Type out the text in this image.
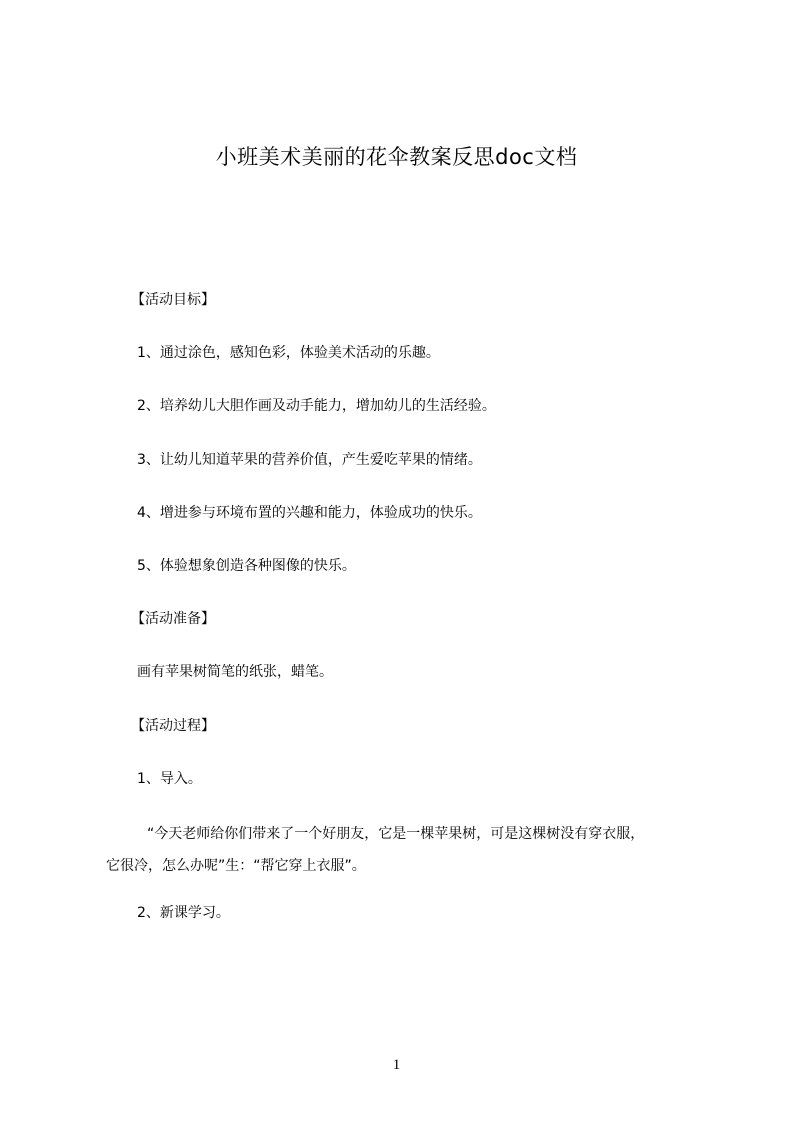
小班美术美丽的花伞教案反思doc文档
【活动目标】
1、通过涂色，感知色彩，体验美术活动的乐趣。
2、培养幼儿大胆作画及动手能力，增加幼儿的生活经验。
3、让幼儿知道苹果的营养价值，产生爱吃苹果的情绪。
4、增进参与环境布置的兴趣和能力，体验成功的快乐。
5、体验想象创造各种图像的快乐。
【活动准备】
画有苹果树简笔的纸张，蜡笔。
【活动过程】
1、导入。
“今天老师给你们带来了一个好朋友，它是一棵苹果树，可是这棵树没有穿衣服，
它很冷，怎么办呢”生：“帮它穿上衣服”。
2、新课学习。
1
